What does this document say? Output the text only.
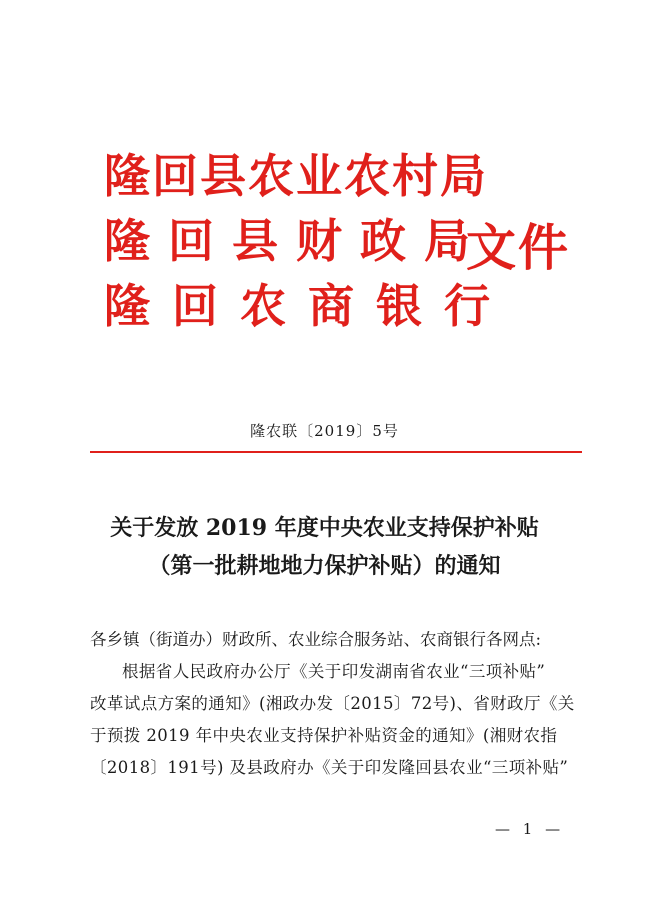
隆回县农业农村局
隆回县财政局
隆回农商银行
文件
隆农联〔2019〕5号
关于发放 2019 年度中央农业支持保护补贴
（第一批耕地地力保护补贴）的通知
各乡镇（街道办）财政所、农业综合服务站、农商银行各网点:
根据省人民政府办公厅《关于印发湖南省农业“三项补贴”
改革试点方案的通知》(湘政办发〔2015〕72号)、省财政厅《关
于预拨 2019 年中央农业支持保护补贴资金的通知》(湘财农指
〔2018〕191号) 及县政府办《关于印发隆回县农业“三项补贴”
— 1 —
